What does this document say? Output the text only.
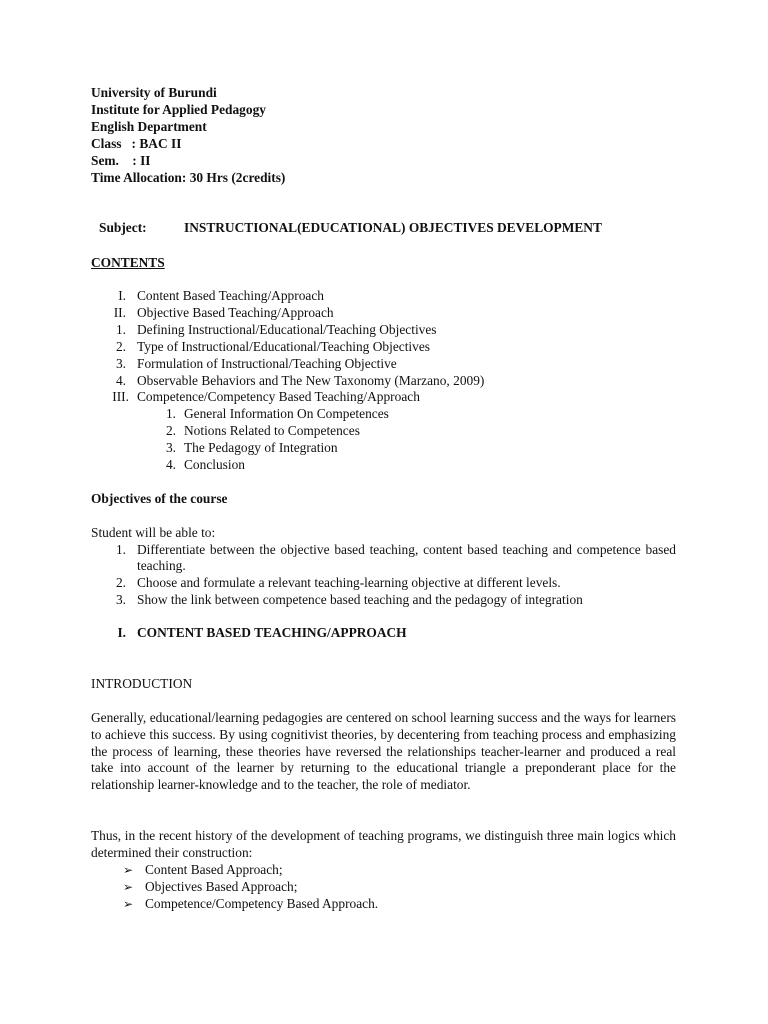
University of Burundi
Institute for Applied Pedagogy
English Department
Class   : BAC II
Sem.    : II
Time Allocation: 30 Hrs (2credits)
Subject:	INSTRUCTIONAL(EDUCATIONAL) OBJECTIVES DEVELOPMENT
CONTENTS
I. Content Based Teaching/Approach
II. Objective Based Teaching/Approach
1. Defining Instructional/Educational/Teaching Objectives
2. Type of Instructional/Educational/Teaching Objectives
3. Formulation of Instructional/Teaching Objective
4. Observable Behaviors and The New Taxonomy (Marzano, 2009)
III. Competence/Competency Based Teaching/Approach
1. General Information On Competences
2. Notions Related to Competences
3. The Pedagogy of Integration
4. Conclusion
Objectives of the course
Student will be able to:
1. Differentiate between the objective based teaching, content based teaching and competence based teaching.
2. Choose and formulate a relevant teaching-learning objective at different levels.
3. Show the link between competence based teaching and the pedagogy of integration
I. CONTENT BASED TEACHING/APPROACH
INTRODUCTION
Generally, educational/learning pedagogies are centered on school learning success and the ways for learners to achieve this success. By using cognitivist theories, by decentering from teaching process and emphasizing the process of learning, these theories have reversed the relationships teacher-learner and produced a real take into account of the learner by returning to the educational triangle a preponderant place for the relationship learner-knowledge and to the teacher, the role of mediator.
Thus, in the recent history of the development of teaching programs, we distinguish three main logics which determined their construction:
➢ Content Based Approach;
➢ Objectives Based Approach;
➢ Competence/Competency Based Approach.
